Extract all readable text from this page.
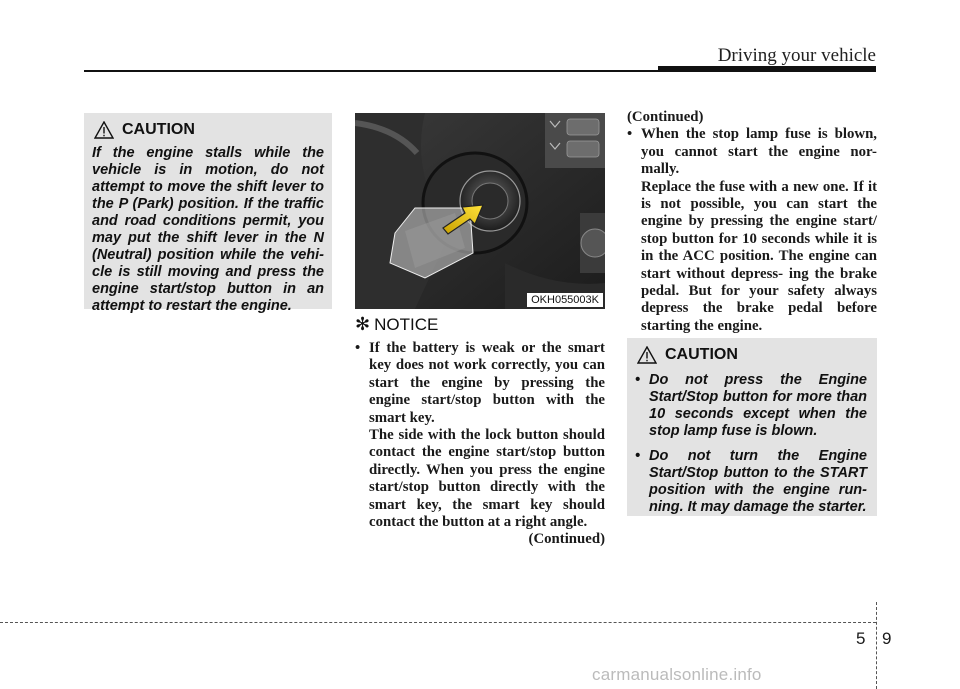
Driving your vehicle
CAUTION
If the engine stalls while the vehicle is in motion, do not attempt to move the shift lever to the P (Park) position. If the traffic and road conditions permit, you may put the shift lever in the N (Neutral) position while the vehi- cle is still moving and press the engine start/stop button in an attempt to restart the engine.	OKH055003K
✻ NOTICE
• If the battery is weak or the smart key does not work correctly, you can start the engine by pressing the engine start/stop button with the smart key.
The side with the lock button should contact the engine start/stop button directly. When you press the engine start/stop button directly with the smart key, the smart key should contact the button at a right angle.
(Continued)
(Continued)
• When the stop lamp fuse is blown, you cannot start the engine nor- mally.
Replace the fuse with a new one. If it is not possible, you can start the engine by pressing the engine start/ stop button for 10 seconds while it is in the ACC position. The engine can start without depress- ing the brake pedal. But for your safety always depress the brake pedal before starting the engine.
CAUTION
• Do not press the Engine Start/Stop button for more than 10 seconds except when the stop lamp fuse is blown.
• Do not turn the Engine Start/Stop button to the START position with the engine run- ning. It may damage the starter.
5 9
carmanualsonline.info
